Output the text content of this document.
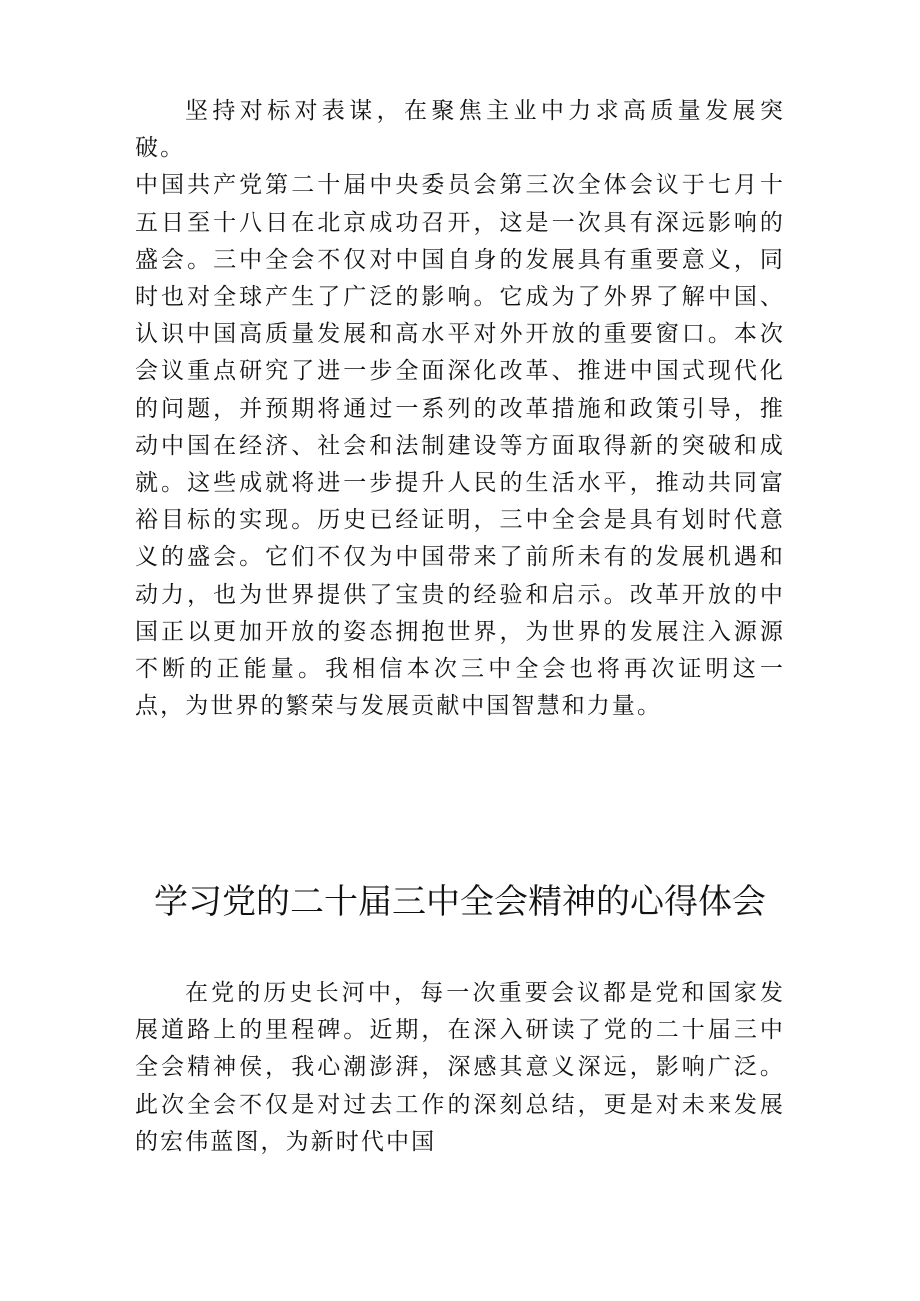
坚持对标对表谋，在聚焦主业中力求高质量发展突破。
中国共产党第二十届中央委员会第三次全体会议于七月十五日至十八日在北京成功召开，这是一次具有深远影响的盛会。三中全会不仅对中国自身的发展具有重要意义，同时也对全球产生了广泛的影响。它成为了外界了解中国、认识中国高质量发展和高水平对外开放的重要窗口。本次会议重点研究了进一步全面深化改革、推进中国式现代化的问题，并预期将通过一系列的改革措施和政策引导，推动中国在经济、社会和法制建设等方面取得新的突破和成就。这些成就将进一步提升人民的生活水平，推动共同富裕目标的实现。历史已经证明，三中全会是具有划时代意义的盛会。它们不仅为中国带来了前所未有的发展机遇和动力，也为世界提供了宝贵的经验和启示。改革开放的中国正以更加开放的姿态拥抱世界，为世界的发展注入源源不断的正能量。我相信本次三中全会也将再次证明这一点，为世界的繁荣与发展贡献中国智慧和力量。
学习党的二十届三中全会精神的心得体会

在党的历史长河中，每一次重要会议都是党和国家发展道路上的里程碑。近期，在深入研读了党的二十届三中全会精神侯，我心潮澎湃，深感其意义深远，影响广泛。此次全会不仅是对过去工作的深刻总结，更是对未来发展的宏伟蓝图，为新时代中国
